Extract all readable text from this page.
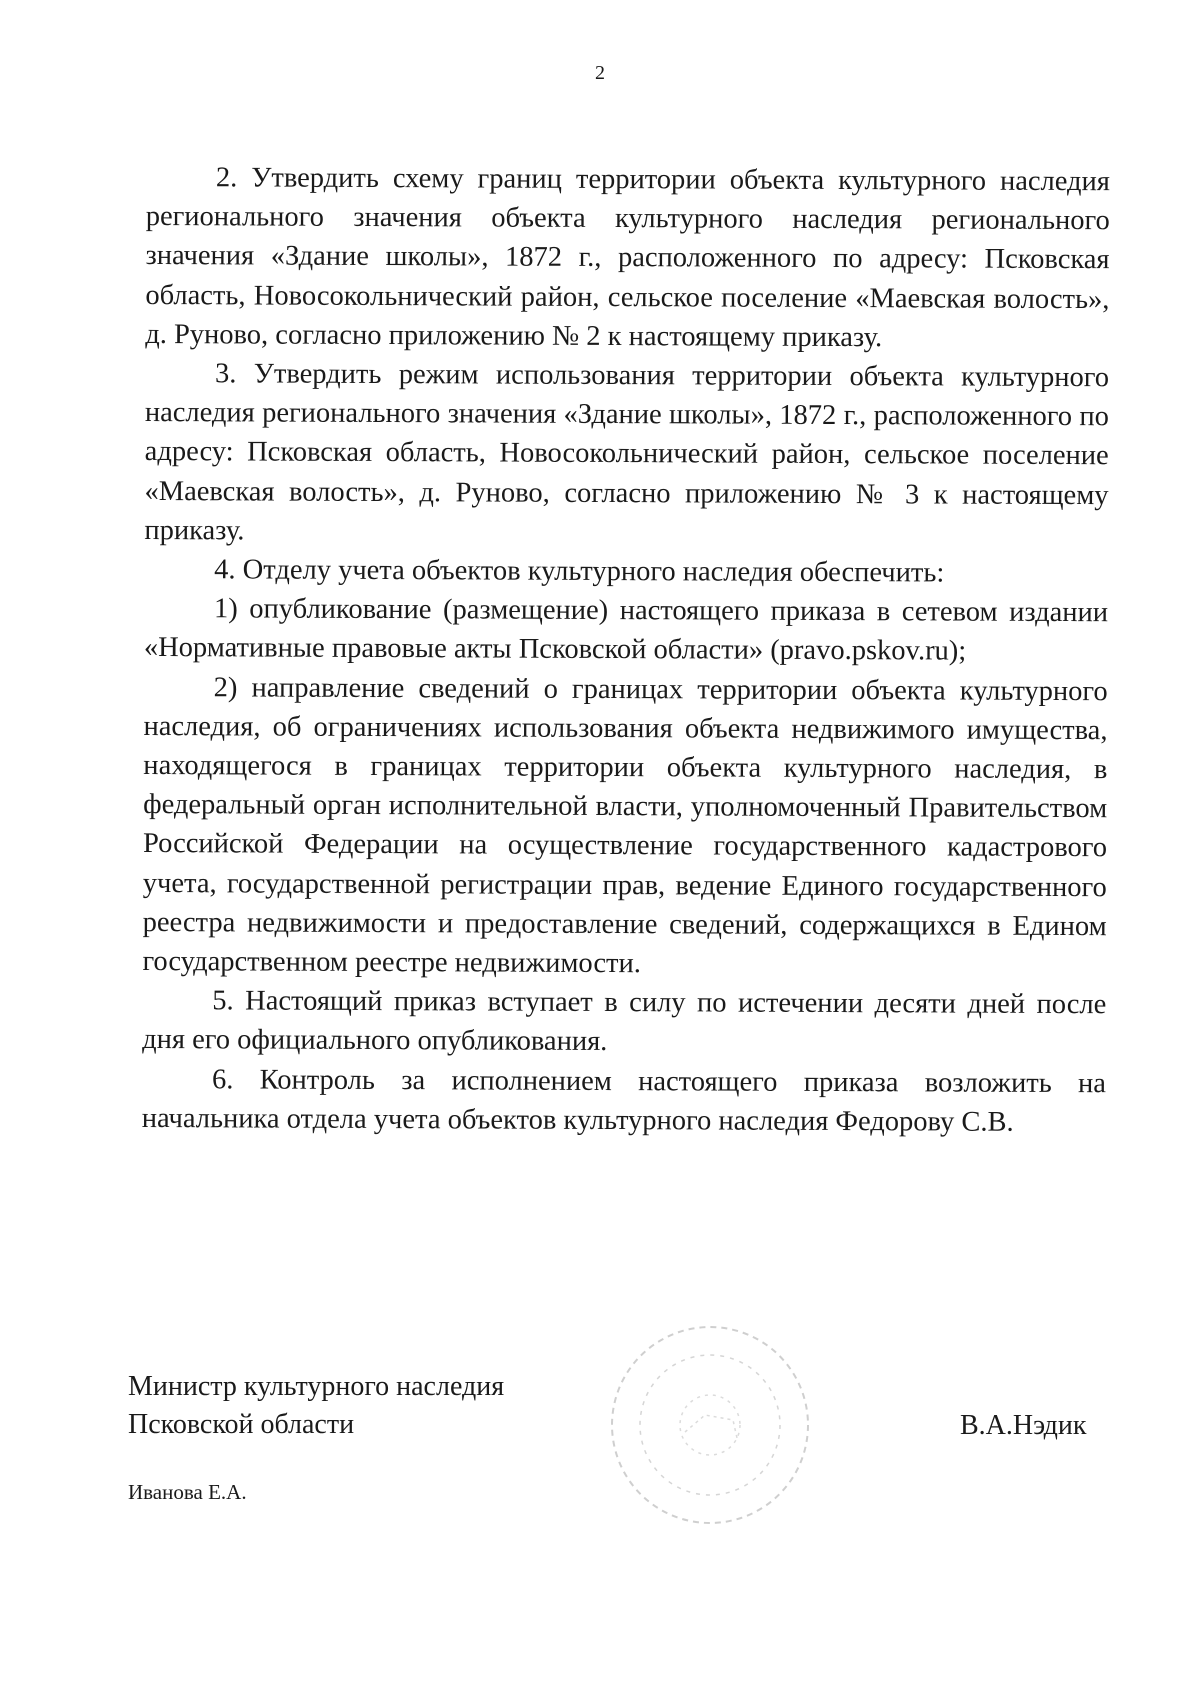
2

2. Утвердить схему границ территории объекта культурного наследия регионального значения объекта культурного наследия регионального значения «Здание школы», 1872 г., расположенного по адресу: Псковская область, Новосокольнический район, сельское поселение «Маевская волость», д. Руново, согласно приложению № 2 к настоящему приказу.

3. Утвердить режим использования территории объекта культурного наследия регионального значения «Здание школы», 1872 г., расположенного по адресу: Псковская область, Новосокольнический район, сельское поселение «Маевская волость», д. Руново, согласно приложению № 3 к настоящему приказу.

4. Отделу учета объектов культурного наследия обеспечить:

1) опубликование (размещение) настоящего приказа в сетевом издании «Нормативные правовые акты Псковской области» (pravo.pskov.ru);

2) направление сведений о границах территории объекта культурного наследия, об ограничениях использования объекта недвижимого имущества, находящегося в границах территории объекта культурного наследия, в федеральный орган исполнительной власти, уполномоченный Правительством Российской Федерации на осуществление государственного кадастрового учета, государственной регистрации прав, ведение Единого государственного реестра недвижимости и предоставление сведений, содержащихся в Едином государственном реестре недвижимости.

5. Настоящий приказ вступает в силу по истечении десяти дней после дня его официального опубликования.

6. Контроль за исполнением настоящего приказа возложить на начальника отдела учета объектов культурного наследия Федорову С.В.

Министр культурного наследия
Псковской области	В.А.Нэдик
Иванова Е.А.
